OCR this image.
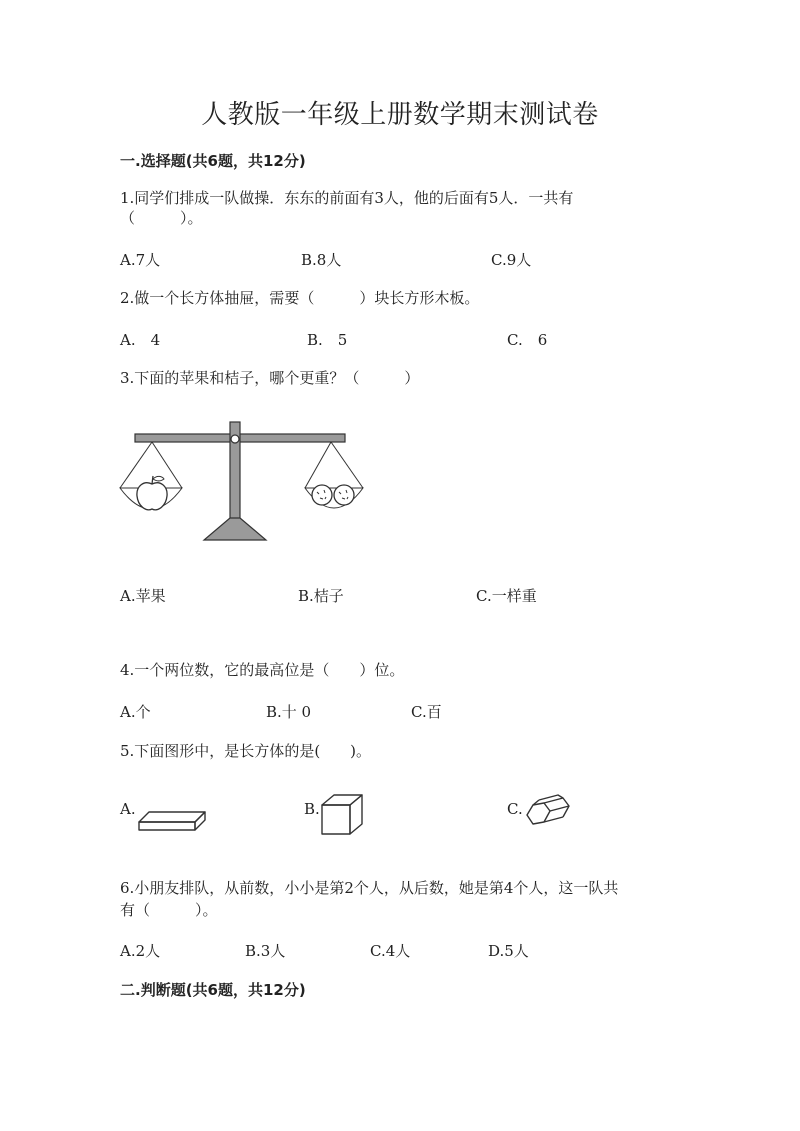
人教版一年级上册数学期末测试卷
一.选择题(共6题，共12分)
1.同学们排成一队做操．东东的前面有3人，他的后面有5人．一共有
（　　　）。
A.7人	B.8人	C.9人
2.做一个长方体抽屉，需要（　　　）块长方形木板。
A.　4	B.　5	C.　6
3.下面的苹果和桔子，哪个更重？（　　　）
A.苹果	B.桔子	C.一样重
4.一个两位数，它的最高位是（　　）位。
A.个	B.十 0	C.百
5.下面图形中，是长方体的是(　　)。
A.	B.	C.
6.小朋友排队，从前数，小小是第2个人，从后数，她是第4个人，这一队共
有（　　　）。
A.2人	B.3人	C.4人	D.5人
二.判断题(共6题，共12分)
